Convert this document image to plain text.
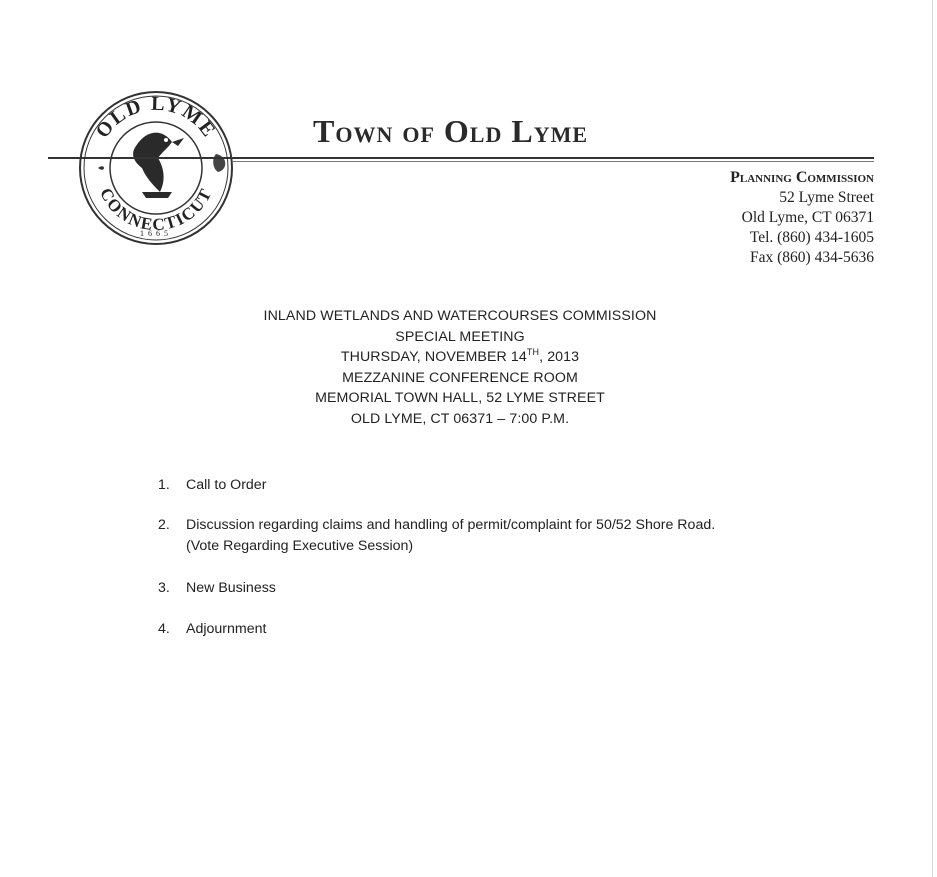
OLD LYME
CONNECTICUT
1665
Town of Old Lyme
Planning Commission
52 Lyme Street
Old Lyme, CT 06371
Tel. (860) 434-1605
Fax (860) 434-5636
INLAND WETLANDS AND WATERCOURSES COMMISSION
SPECIAL MEETING
THURSDAY, NOVEMBER 14TH, 2013
MEZZANINE CONFERENCE ROOM
MEMORIAL TOWN HALL, 52 LYME STREET
OLD LYME, CT 06371 – 7:00 P.M.
1. Call to Order
2. Discussion regarding claims and handling of permit/complaint for 50/52 Shore Road.
(Vote Regarding Executive Session)
3. New Business
4. Adjournment
